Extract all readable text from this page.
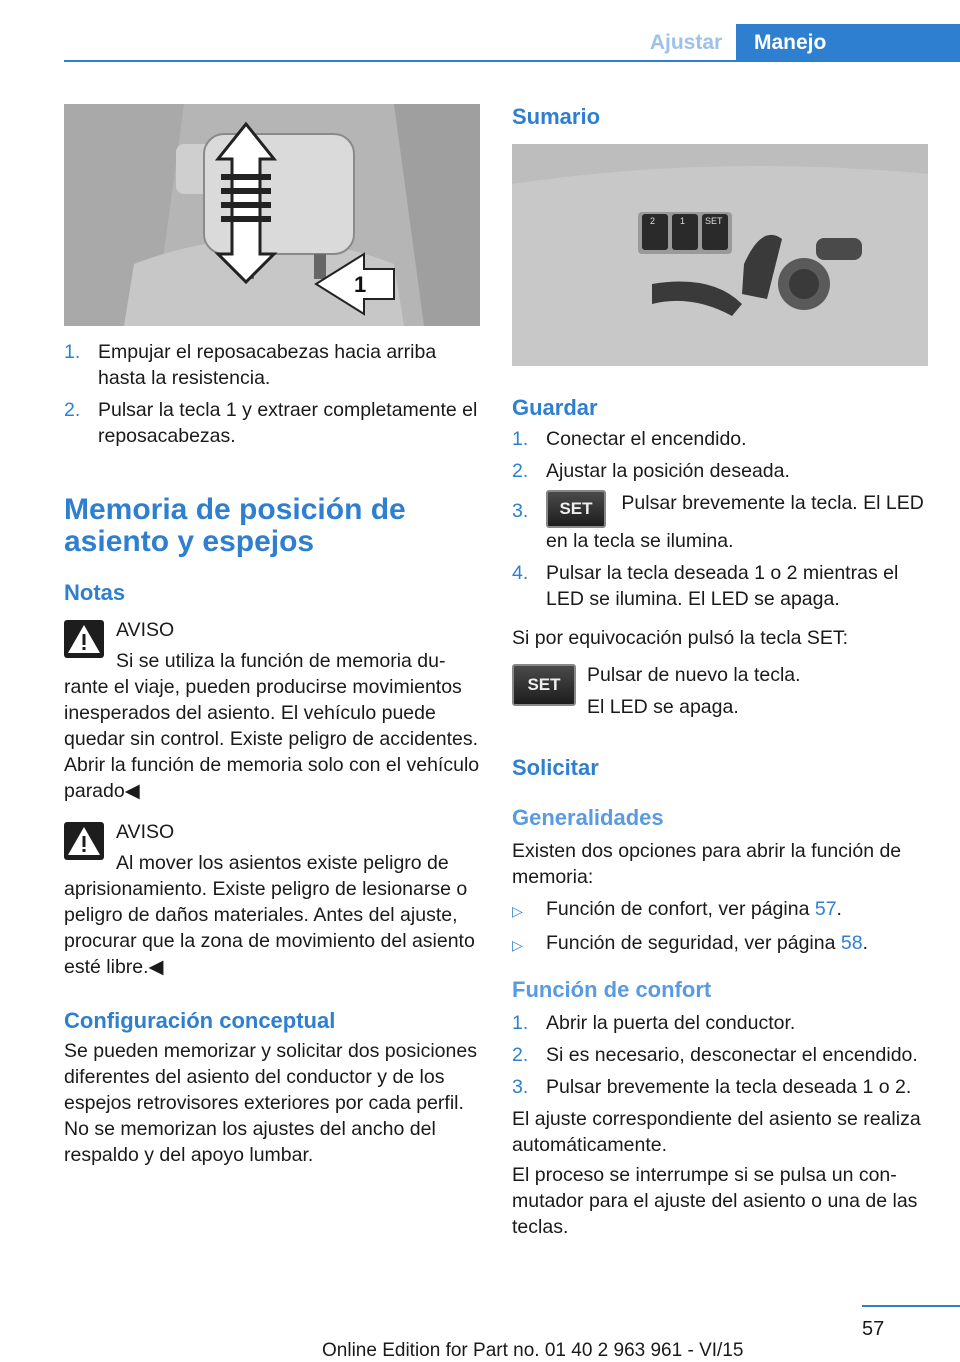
Ajustar	Manejo
1
1. Empujar el reposacabezas hacia arriba hasta la resistencia.
2. Pulsar la tecla 1 y extraer completamente el reposacabezas.
Memoria de posición de asiento y espejos
Notas
AVISO
Si se utiliza la función de memoria durante el viaje, pueden producirse movimientos inesperados del asiento. El vehículo puede quedar sin control. Existe peligro de accidentes. Abrir la función de memoria solo con el vehículo parado◀
AVISO
Al mover los asientos existe peligro de aprisionamiento. Existe peligro de lesionarse o peligro de daños materiales. Antes del ajuste, procurar que la zona de movimiento del asiento esté libre.◀
Configuración conceptual
Se pueden memorizar y solicitar dos posiciones diferentes del asiento del conductor y de los espejos retrovisores exteriores por cada perfil. No se memorizan los ajustes del ancho del respaldo y del apoyo lumbar.
Sumario
2	1 SET
Guardar
1. Conectar el encendido.
2. Ajustar la posición deseada.
3. SET Pulsar brevemente la tecla. El LED en la tecla se ilumina.
4. Pulsar la tecla deseada 1 o 2 mientras el LED se ilumina. El LED se apaga.
Si por equivocación pulsó la tecla SET:
SET	Pulsar de nuevo la tecla.
El LED se apaga.
Solicitar
Generalidades
Existen dos opciones para abrir la función de memoria:
▷ Función de confort, ver página 57.
▷ Función de seguridad, ver página 58.
Función de confort
1. Abrir la puerta del conductor.
2. Si es necesario, desconectar el encendido.
3. Pulsar brevemente la tecla deseada 1 o 2.
El ajuste correspondiente del asiento se realiza automáticamente.
El proceso se interrumpe si se pulsa un conmutador para el ajuste del asiento o una de las teclas.
57
Online Edition for Part no. 01 40 2 963 961 - VI/15
